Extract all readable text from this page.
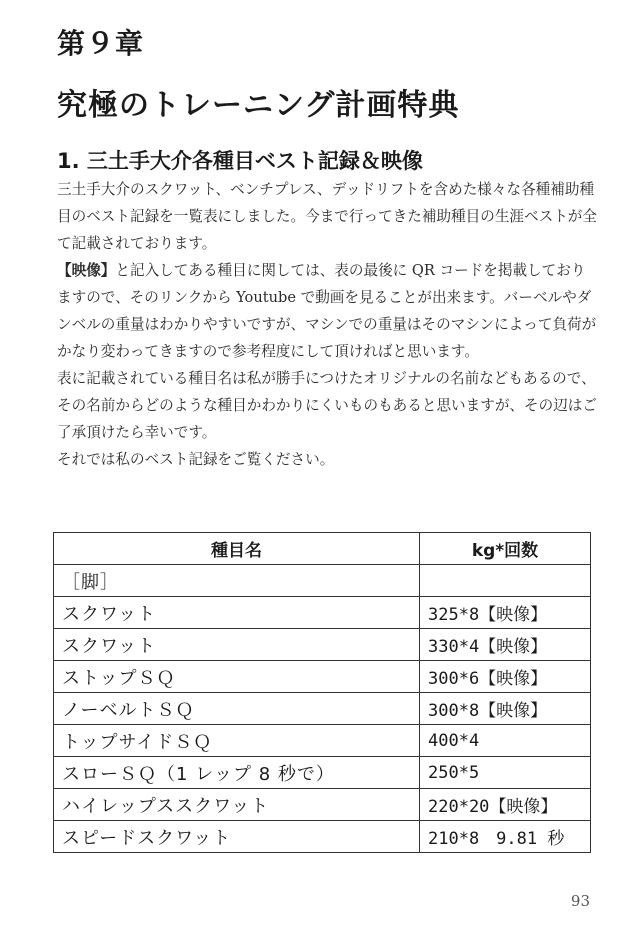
第９章
究極のトレーニング計画特典
1. 三土手大介各種目ベスト記録＆映像

三土手大介のスクワット、ベンチプレス、デッドリフトを含めた様々な各種補助種目のベスト記録を一覧表にしました。今まで行ってきた補助種目の生涯ベストが全て記載されております。

【映像】と記入してある種目に関しては、表の最後に QR コードを掲載しておりますので、そのリンクから Youtube で動画を見ることが出来ます。バーベルやダンベルの重量はわかりやすいですが、マシンでの重量はそのマシンによって負荷がかなり変わってきますので参考程度にして頂ければと思います。

表に記載されている種目名は私が勝手につけたオリジナルの名前などもあるので、その名前からどのような種目かわかりにくいものもあると思いますが、その辺はご了承頂けたら幸いです。

それでは私のベスト記録をご覧ください。

種目名	kg*回数
［脚］	
スクワット	325*8【映像】
スクワット	330*4【映像】
ストップＳＱ	300*6【映像】
ノーベルトＳＱ	300*8【映像】
トップサイドＳＱ	400*4
スローＳＱ（1 レップ 8 秒で）	250*5
ハイレップススクワット	220*20【映像】
スピードスクワット	210*8　9.81 秒
93
